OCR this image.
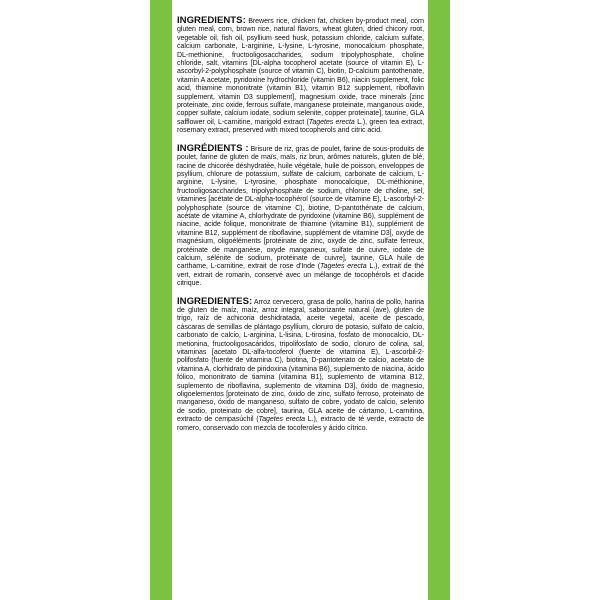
INGREDIENTS: Brewers rice, chicken fat, chicken by-product meal, corn gluten meal, corn, brown rice, natural flavors, wheat gluten, dried chicory root, vegetable oil, fish oil, psyllium seed husk, potassium chloride, calcium sulfate, calcium carbonate, L-arginine, L-lysine, L-tyrosine, monocalcium phosphate, DL-methionine, fructooligosaccharides, sodium tripolyphosphate, choline chloride, salt, vitamins [DL-alpha tocopherol acetate (source of vitamin E), L-ascorbyl-2-polyphosphate (source of vitamin C), biotin, D-calcium pantothenate, vitamin A acetate, pyridoxine hydrochloride (vitamin B6), niacin supplement, folic acid, thiamine mononitrate (vitamin B1), vitamin B12 supplement, riboflavin supplement, vitamin D3 supplement], magnesium oxide, trace minerals [zinc proteinate, zinc oxide, ferrous sulfate, manganese proteinate, manganous oxide, copper sulfate, calcium iodate, sodium selenite, copper proteinate], taurine, GLA safflower oil, L-carnitine, marigold extract (Tagetes erecta L.), green tea extract, rosemary extract, preserved with mixed tocopherols and citric acid.

INGRÉDIENTS : Brisure de riz, gras de poulet, farine de sous-produits de poulet, farine de gluten de maïs, maïs, riz brun, arômes naturels, gluten de blé, racine de chicorée déshydratée, huile végétale, huile de poisson, enveloppes de psyllium, chlorure de potassium, sulfate de calcium, carbonate de calcium, L-arginine, L-lysine, L-tyrosine, phosphate monocalcique, DL-méthionine, fructooligosaccharides, tripolyphosphate de sodium, chlorure de choline, sel, vitamines [acétate de DL-alpha-tocophérol (source de vitamine E), L-ascorbyl-2-polyphosphate (source de vitamine C), biotine, D-pantothénate de calcium, acétate de vitamine A, chlorhydrate de pyridoxine (vitamine B6), supplément de niacine, acide folique, mononitrate de thiamine (vitamine B1), supplément de vitamine B12, supplément de riboflavine, supplément de vitamine D3], oxyde de magnésium, oligoéléments [protéinate de zinc, oxyde de zinc, sulfate ferreux, protéinate de manganèse, oxyde manganeux, sulfate de cuivre, iodate de calcium, sélénite de sodium, protéinate de cuivre], taurine, GLA huile de carthame, L-carnitine, extrait de rose d'Inde (Tagetes erecta L.), extrait de thé vert, extrait de romarin, conservé avec un mélange de tocophérols et d'acide citrique.

INGREDIENTES: Arroz cervecero, grasa de pollo, harina de pollo, harina de gluten de maíz, maíz, arroz integral, saborizante natural (ave), gluten de trigo, raíz de achicoria deshidratada, aceite vegetal, aceite de pescado, cáscaras de semillas de plántago psyllium, cloruro de potasio, sulfato de calcio, carbonato de calcio, L-arginina, L-lisina, L-tirosina, fosfato de monocalcio, DL-metionina, fructooligosacáridos, tripolifosfato de sodio, cloruro de colina, sal, vitaminas [acetato DL-alfa-tocoferol (fuente de vitamina E), L-ascorbil-2-polifosfato (fuente de vitamina C), biotina, D-pantotenato de calcio, acetato de vitamina A, clorhidrato de piridoxina (vitamina B6), suplemento de niacina, ácido fólico, mononitrato de tiamina (vitamina B1), suplemento de vitamina B12, suplemento de riboflavina, suplemento de vitamina D3], óxido de magnesio, oligoelementos [proteinato de zinc, óxido de zinc, sulfato ferroso, proteinato de manganeso, óxido de manganeso, sulfato de cobre, yodato de calcio, selenito de sodio, proteinato de cobre], taurina, GLA aceite de cártamo, L-carnitina, extracto de cempasúchil (Tagetes erecta L.), extracto de té verde, extracto de romero, conservado con mezcla de tocoferoles y ácido cítrico.
